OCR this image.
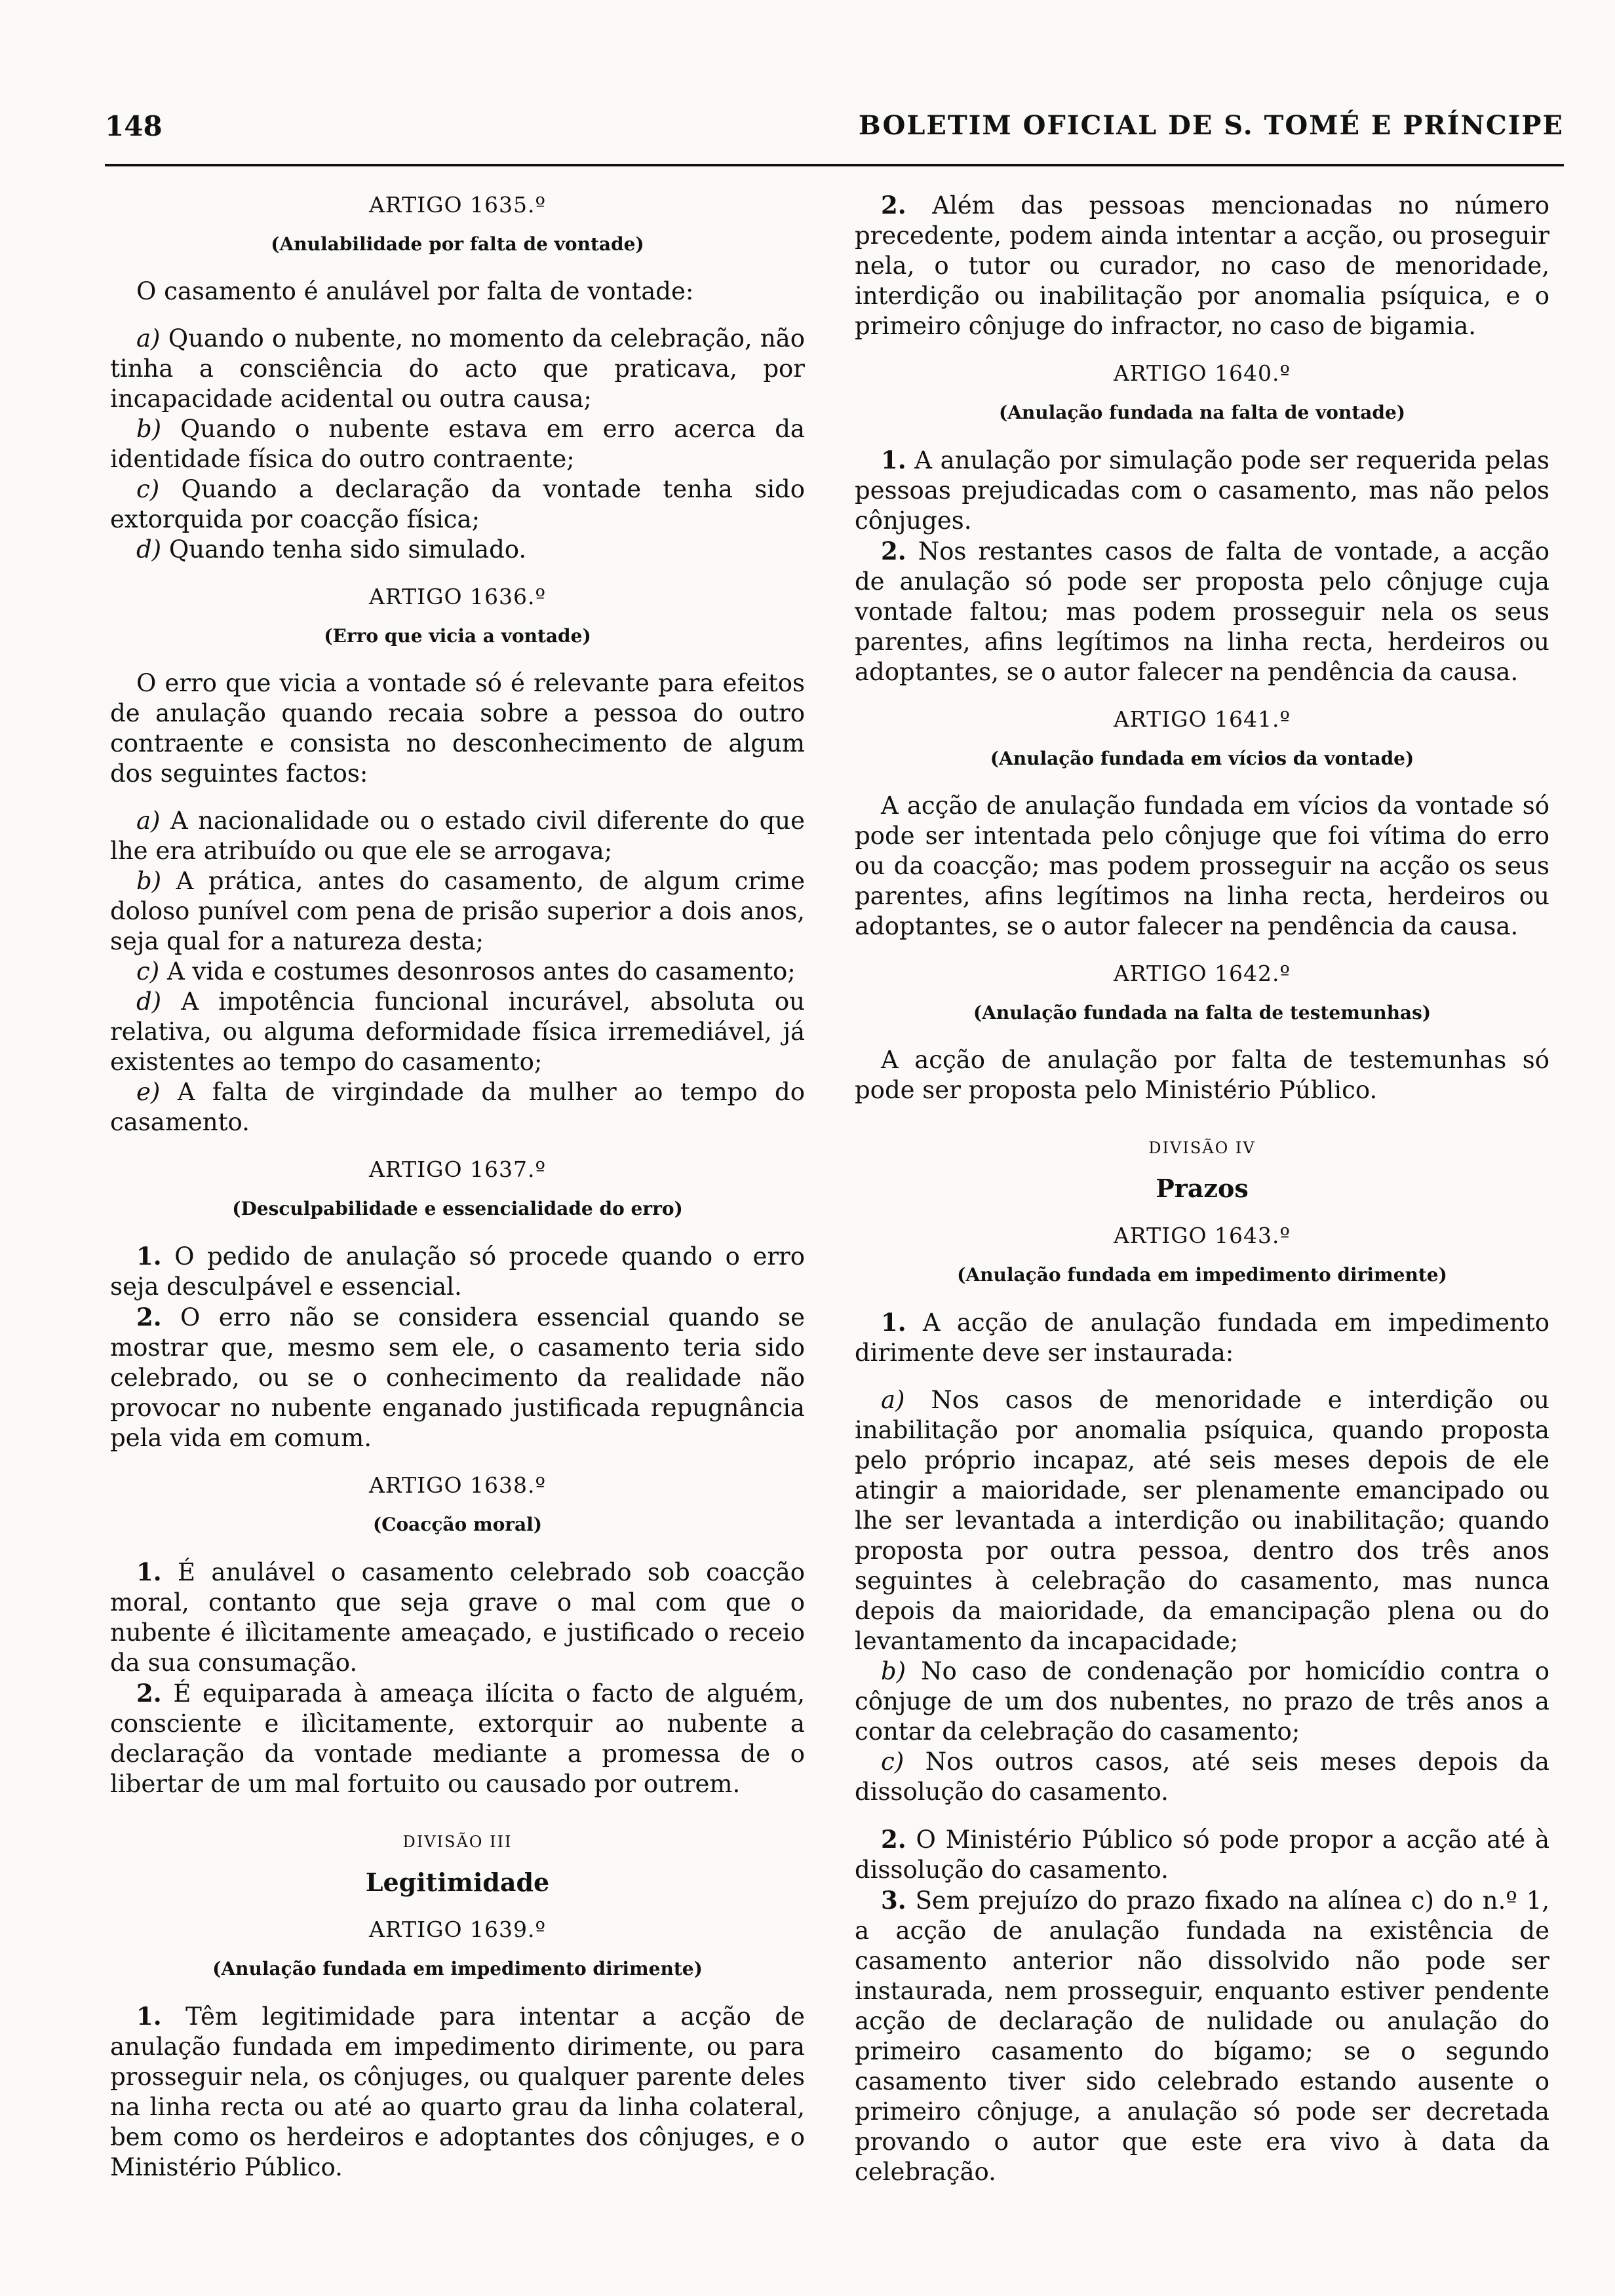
148	BOLETIM OFICIAL DE S. TOMÉ E PRÍNCIPE
ARTIGO 1635.º
(Anulabilidade por falta de vontade)

O casamento é anulável por falta de vontade:

a) Quando o nubente, no momento da celebração, não tinha a consciência do acto que praticava, por incapacidade acidental ou outra causa;

b) Quando o nubente estava em erro acerca da identidade física do outro contraente;

c) Quando a declaração da vontade tenha sido extorquida por coacção física;

d) Quando tenha sido simulado.

ARTIGO 1636.º
(Erro que vicia a vontade)

O erro que vicia a vontade só é relevante para efeitos de anulação quando recaia sobre a pessoa do outro contraente e consista no desconhecimento de algum dos seguintes factos:

a) A nacionalidade ou o estado civil diferente do que lhe era atribuído ou que ele se arrogava;

b) A prática, antes do casamento, de algum crime doloso punível com pena de prisão superior a dois anos, seja qual for a natureza desta;

c) A vida e costumes desonrosos antes do casamento;

d) A impotência funcional incurável, absoluta ou relativa, ou alguma deformidade física irremediável, já existentes ao tempo do casamento;

e) A falta de virgindade da mulher ao tempo do casamento.

ARTIGO 1637.º
(Desculpabilidade e essencialidade do erro)

1. O pedido de anulação só procede quando o erro seja desculpável e essencial.

2. O erro não se considera essencial quando se mostrar que, mesmo sem ele, o casamento teria sido celebrado, ou se o conhecimento da realidade não provocar no nubente enganado justificada repugnância pela vida em comum.

ARTIGO 1638.º
(Coacção moral)

1. É anulável o casamento celebrado sob coacção moral, contanto que seja grave o mal com que o nubente é ilìcitamente ameaçado, e justificado o receio da sua consumação.

2. É equiparada à ameaça ilícita o facto de alguém, consciente e ilìcitamente, extorquir ao nubente a declaração da vontade mediante a promessa de o libertar de um mal fortuito ou causado por outrem.

DIVISÃO III
Legitimidade
ARTIGO 1639.º
(Anulação fundada em impedimento dirimente)

1. Têm legitimidade para intentar a acção de anulação fundada em impedimento dirimente, ou para prosseguir nela, os cônjuges, ou qualquer parente deles na linha recta ou até ao quarto grau da linha colateral, bem como os herdeiros e adoptantes dos cônjuges, e o Ministério Público.

2. Além das pessoas mencionadas no número precedente, podem ainda intentar a acção, ou proseguir nela, o tutor ou curador, no caso de menoridade, interdição ou inabilitação por anomalia psíquica, e o primeiro cônjuge do infractor, no caso de bigamia.

ARTIGO 1640.º
(Anulação fundada na falta de vontade)

1. A anulação por simulação pode ser requerida pelas pessoas prejudicadas com o casamento, mas não pelos cônjuges.

2. Nos restantes casos de falta de vontade, a acção de anulação só pode ser proposta pelo cônjuge cuja vontade faltou; mas podem prosseguir nela os seus parentes, afins legítimos na linha recta, herdeiros ou adoptantes, se o autor falecer na pendência da causa.

ARTIGO 1641.º
(Anulação fundada em vícios da vontade)

A acção de anulação fundada em vícios da vontade só pode ser intentada pelo cônjuge que foi vítima do erro ou da coacção; mas podem prosseguir na acção os seus parentes, afins legítimos na linha recta, herdeiros ou adoptantes, se o autor falecer na pendência da causa.

ARTIGO 1642.º
(Anulação fundada na falta de testemunhas)

A acção de anulação por falta de testemunhas só pode ser proposta pelo Ministério Público.

DIVISÃO IV
Prazos
ARTIGO 1643.º
(Anulação fundada em impedimento dirimente)

1. A acção de anulação fundada em impedimento dirimente deve ser instaurada:

a) Nos casos de menoridade e interdição ou inabilitação por anomalia psíquica, quando proposta pelo próprio incapaz, até seis meses depois de ele atingir a maioridade, ser plenamente emancipado ou lhe ser levantada a interdição ou inabilitação; quando proposta por outra pessoa, dentro dos três anos seguintes à celebração do casamento, mas nunca depois da maioridade, da emancipação plena ou do levantamento da incapacidade;

b) No caso de condenação por homicídio contra o cônjuge de um dos nubentes, no prazo de três anos a contar da celebração do casamento;

c) Nos outros casos, até seis meses depois da dissolução do casamento.

2. O Ministério Público só pode propor a acção até à dissolução do casamento.

3. Sem prejuízo do prazo fixado na alínea c) do n.º 1, a acção de anulação fundada na existência de casamento anterior não dissolvido não pode ser instaurada, nem prosseguir, enquanto estiver pendente acção de declaração de nulidade ou anulação do primeiro casamento do bígamo; se o segundo casamento tiver sido celebrado estando ausente o primeiro cônjuge, a anulação só pode ser decretada provando o autor que este era vivo à data da celebração.
